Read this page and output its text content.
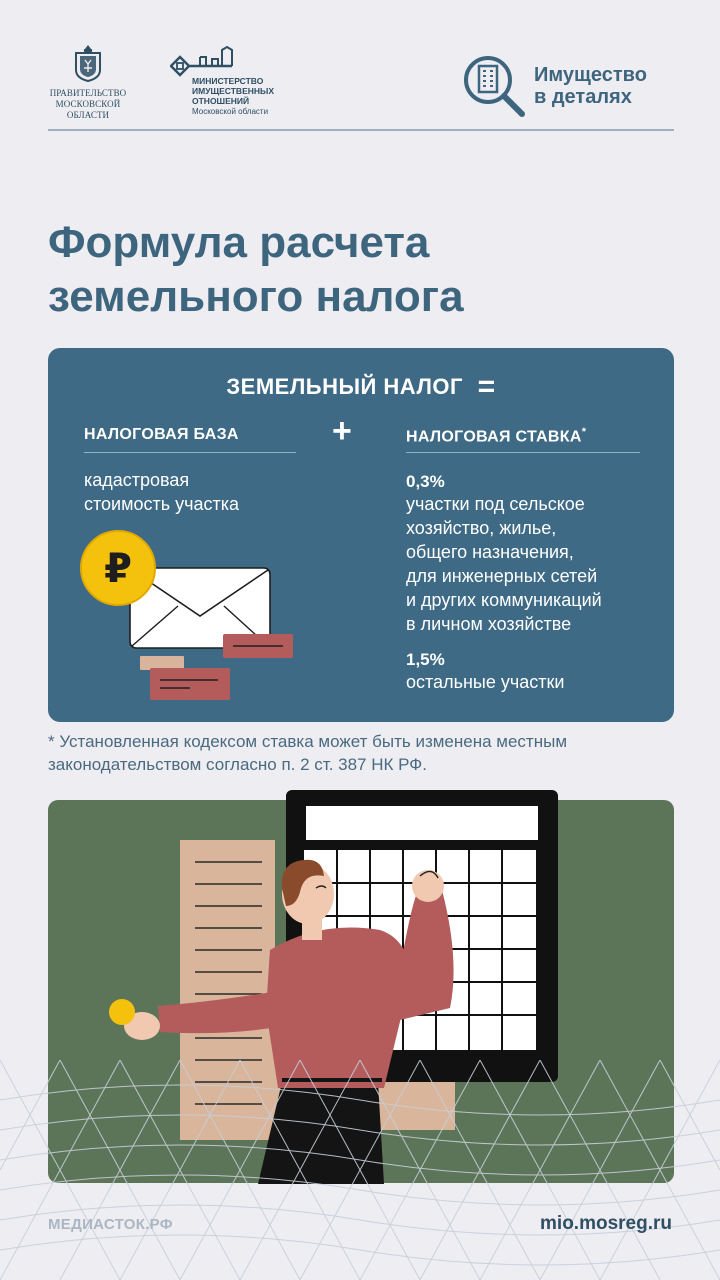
ПРАВИТЕЛЬСТВО
МОСКОВСКОЙ
ОБЛАСТИ
МИНИСТЕРСТВО
ИМУЩЕСТВЕННЫХ
ОТНОШЕНИЙ
Московской области
Имущество
в деталях
Формула расчета
земельного налога
ЗЕМЕЛЬНЫЙ НАЛОГ =
НАЛОГОВАЯ БАЗА	+	НАЛОГОВАЯ СТАВКА*
кадастровая
стоимость участка
0,3%
участки под сельское
хозяйство, жилье,
общего назначения,
для инженерных сетей
и других коммуникаций
в личном хозяйстве
1,5%
остальные участки
₽
* Установленная кодексом ставка может быть изменена местным
законодательством согласно п. 2 ст. 387 НК РФ.
МЕДИАСТОК.РФ	mio.mosreg.ru
